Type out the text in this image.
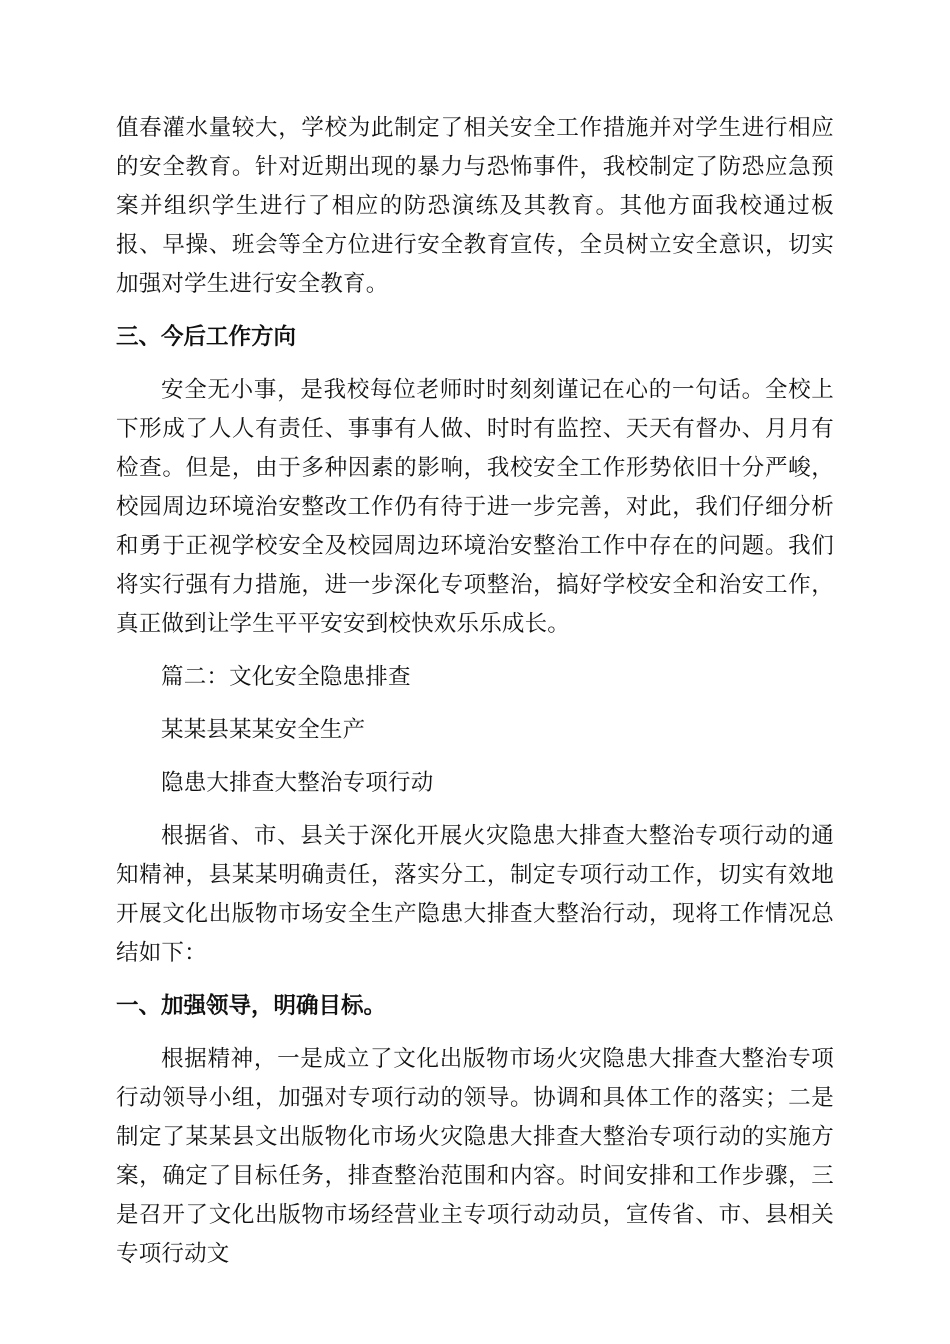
值春灌水量较大，学校为此制定了相关安全工作措施并对学生进行相应的安全教育。针对近期出现的暴力与恐怖事件，我校制定了防恐应急预案并组织学生进行了相应的防恐演练及其教育。其他方面我校通过板报、早操、班会等全方位进行安全教育宣传，全员树立安全意识，切实加强对学生进行安全教育。

三、今后工作方向

安全无小事，是我校每位老师时时刻刻谨记在心的一句话。全校上下形成了人人有责任、事事有人做、时时有监控、天天有督办、月月有检查。但是，由于多种因素的影响，我校安全工作形势依旧十分严峻，校园周边环境治安整改工作仍有待于进一步完善，对此，我们仔细分析和勇于正视学校安全及校园周边环境治安整治工作中存在的问题。我们将实行强有力措施，进一步深化专项整治，搞好学校安全和治安工作，真正做到让学生平平安安到校快欢乐乐成长。

篇二：文化安全隐患排查

某某县某某安全生产

隐患大排查大整治专项行动

根据省、市、县关于深化开展火灾隐患大排查大整治专项行动的通知精神，县某某明确责任，落实分工，制定专项行动工作，切实有效地开展文化出版物市场安全生产隐患大排查大整治行动，现将工作情况总结如下：

一、加强领导，明确目标。

根据精神，一是成立了文化出版物市场火灾隐患大排查大整治专项行动领导小组，加强对专项行动的领导。协调和具体工作的落实；二是制定了某某县文出版物化市场火灾隐患大排查大整治专项行动的实施方案，确定了目标任务，排查整治范围和内容。时间安排和工作步骤，三是召开了文化出版物市场经营业主专项行动动员，宣传省、市、县相关专项行动文
